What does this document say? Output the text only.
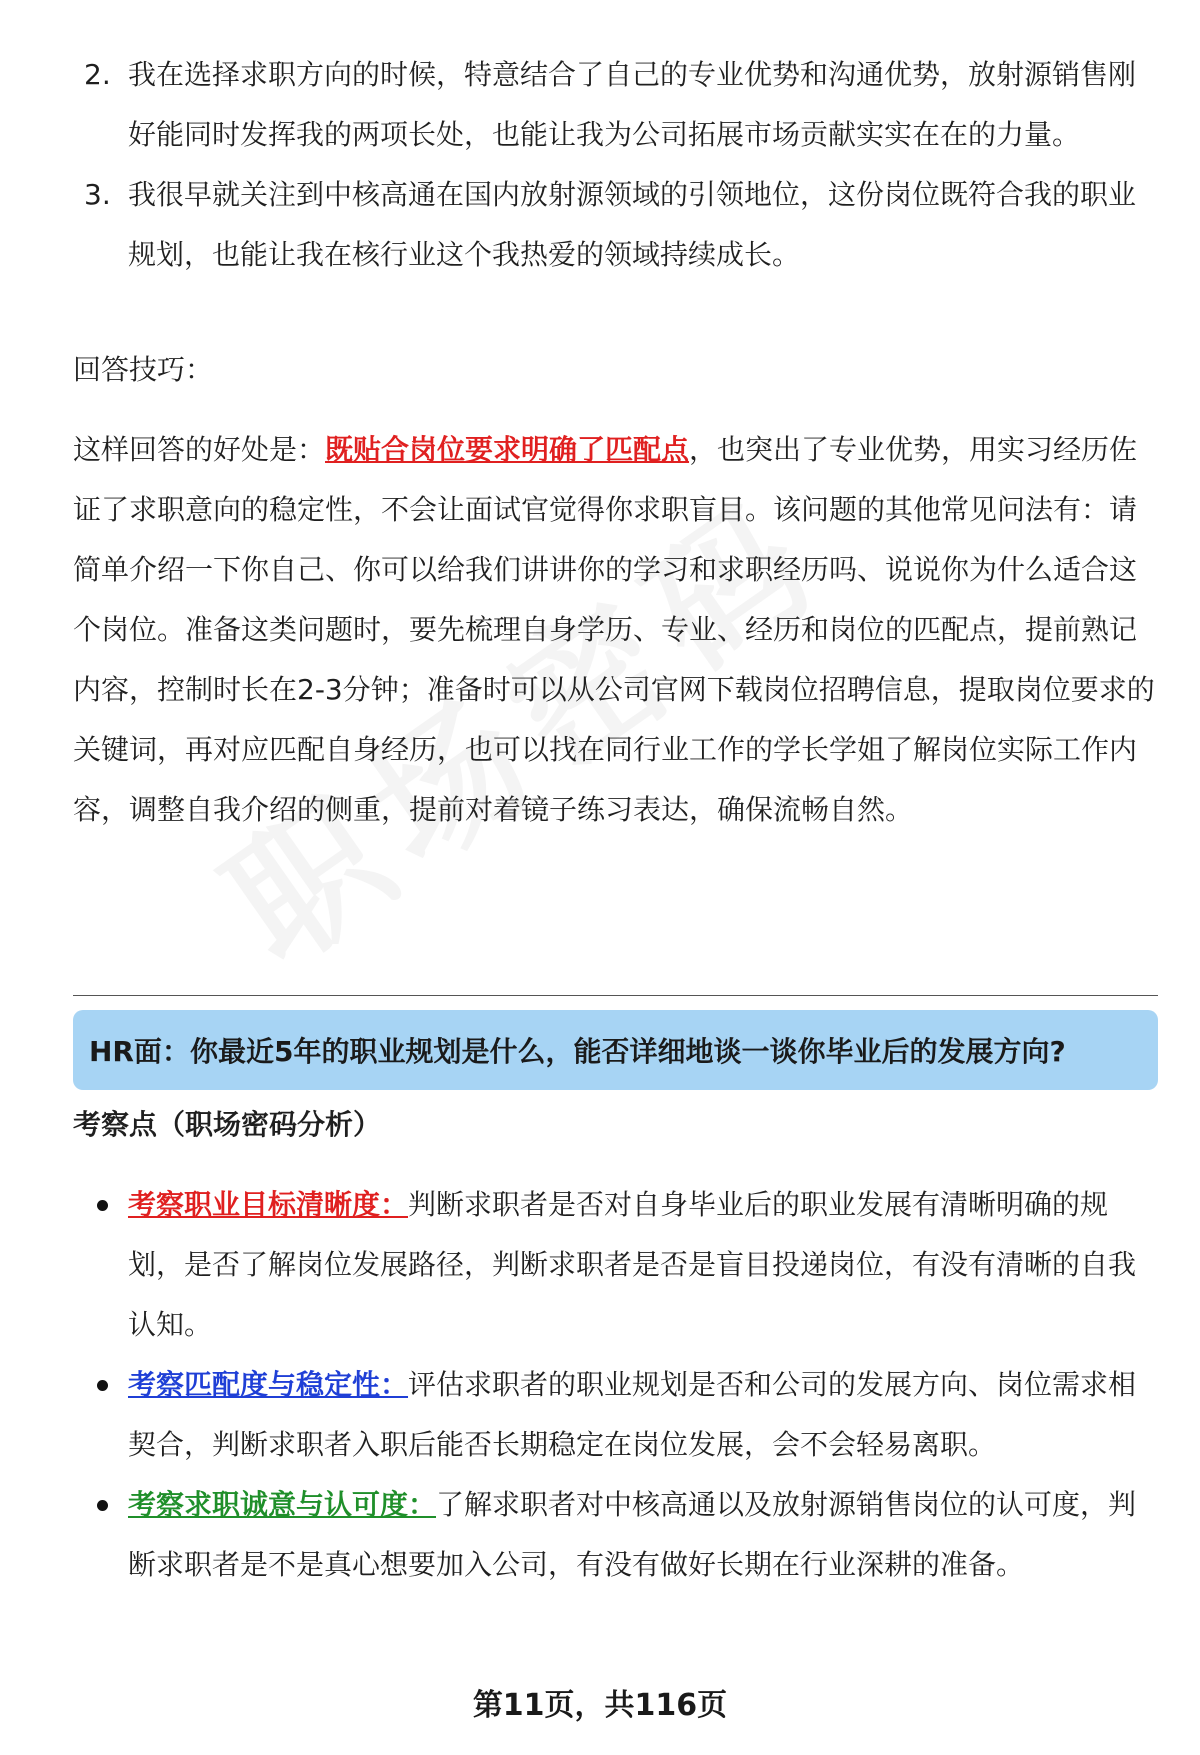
2. 我在选择求职方向的时候，特意结合了自己的专业优势和沟通优势，放射源销售刚好能同时发挥我的两项长处，也能让我为公司拓展市场贡献实实在在的力量。
3. 我很早就关注到中核高通在国内放射源领域的引领地位，这份岗位既符合我的职业规划，也能让我在核行业这个我热爱的领域持续成长。
回答技巧：
这样回答的好处是：既贴合岗位要求明确了匹配点，也突出了专业优势，用实习经历佐证了求职意向的稳定性，不会让面试官觉得你求职盲目。该问题的其他常见问法有：请简单介绍一下你自己、你可以给我们讲讲你的学习和求职经历吗、说说你为什么适合这个岗位。准备这类问题时，要先梳理自身学历、专业、经历和岗位的匹配点，提前熟记内容，控制时长在2-3分钟；准备时可以从公司官网下载岗位招聘信息，提取岗位要求的关键词，再对应匹配自身经历，也可以找在同行业工作的学长学姐了解岗位实际工作内容，调整自我介绍的侧重，提前对着镜子练习表达，确保流畅自然。
HR面：你最近5年的职业规划是什么，能否详细地谈一谈你毕业后的发展方向?
考察点（职场密码分析）
考察职业目标清晰度：判断求职者是否对自身毕业后的职业发展有清晰明确的规划，是否了解岗位发展路径，判断求职者是否是盲目投递岗位，有没有清晰的自我认知。
考察匹配度与稳定性：评估求职者的职业规划是否和公司的发展方向、岗位需求相契合，判断求职者入职后能否长期稳定在岗位发展，会不会轻易离职。
考察求职诚意与认可度：了解求职者对中核高通以及放射源销售岗位的认可度，判断求职者是不是真心想要加入公司，有没有做好长期在行业深耕的准备。
第11页，共116页
